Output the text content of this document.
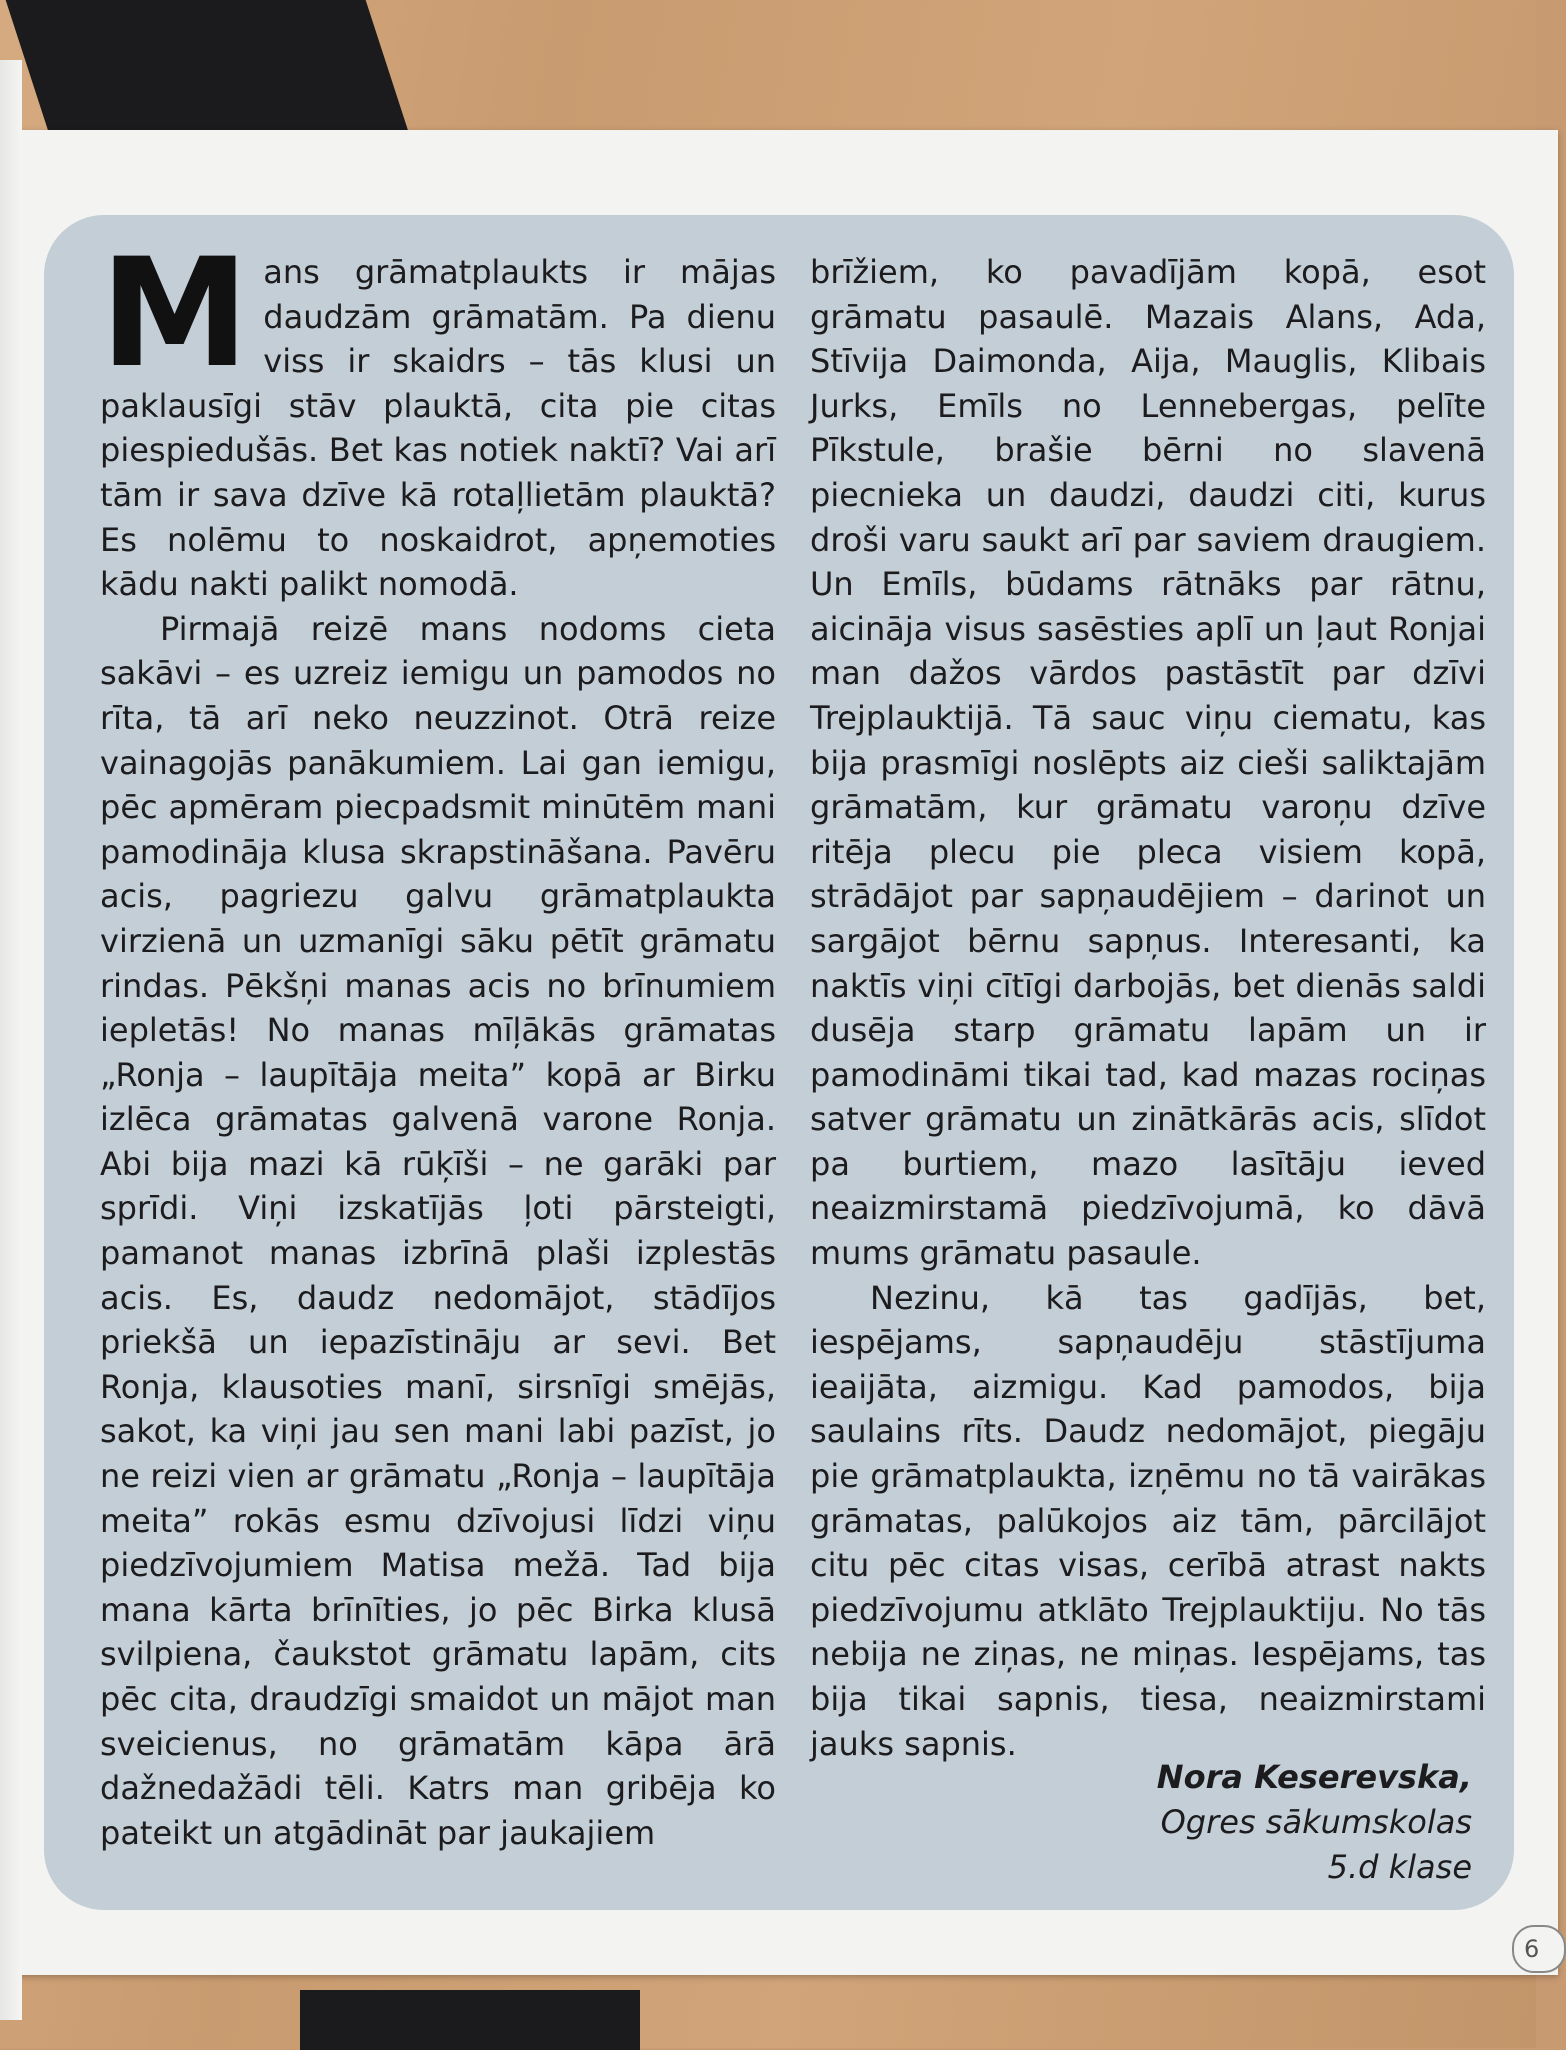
M ans grāmatplaukts ir mājas daudzām grāmatām. Pa dienu viss ir skaidrs – tās klusi un paklausīgi stāv plauktā, cita pie citas piespiedušās. Bet kas notiek naktī? Vai arī tām ir sava dzīve kā rotaļlietām plauktā? Es nolēmu to noskaidrot, apņemoties kādu nakti palikt nomodā.

Pirmajā reizē mans nodoms cieta sakāvi – es uzreiz iemigu un pamodos no rīta, tā arī neko neuzzinot. Otrā reize vainagojās panākumiem. Lai gan iemigu, pēc apmēram piecpadsmit minūtēm mani pamodināja klusa skrapstināšana. Pavēru acis, pagriezu galvu grāmatplaukta virzienā un uzmanīgi sāku pētīt grāmatu rindas. Pēkšņi manas acis no brīnumiem iepletās! No manas mīļākās grāmatas „Ronja – laupītāja meita” kopā ar Birku izlēca grāmatas galvenā varone Ronja. Abi bija mazi kā rūķīši – ne garāki par sprīdi. Viņi izskatījās ļoti pārsteigti, pamanot manas izbrīnā plaši izplestās acis. Es, daudz nedomājot, stādījos priekšā un iepazīstināju ar sevi. Bet Ronja, klausoties manī, sirsnīgi smējās, sakot, ka viņi jau sen mani labi pazīst, jo ne reizi vien ar grāmatu „Ronja – laupītāja meita” rokās esmu dzīvojusi līdzi viņu piedzīvojumiem Matisa mežā. Tad bija mana kārta brīnīties, jo pēc Birka klusā svilpiena, čaukstot grāmatu lapām, cits pēc cita, draudzīgi smaidot un mājot man sveicienus, no grāmatām kāpa ārā dažnedažādi tēli. Katrs man gribēja ko pateikt un atgādināt par jaukajiem

brīžiem, ko pavadījām kopā, esot grāmatu pasaulē. Mazais Alans, Ada, Stīvija Daimonda, Aija, Mauglis, Klibais Jurks, Emīls no Lennebergas, pelīte Pīkstule, brašie bērni no slavenā piecnieka un daudzi, daudzi citi, kurus droši varu saukt arī par saviem draugiem. Un Emīls, būdams rātnāks par rātnu, aicināja visus sasēsties aplī un ļaut Ronjai man dažos vārdos pastāstīt par dzīvi Trejplauktijā. Tā sauc viņu ciematu, kas bija prasmīgi noslēpts aiz cieši saliktajām grāmatām, kur grāmatu varoņu dzīve ritēja plecu pie pleca visiem kopā, strādājot par sapņaudējiem – darinot un sargājot bērnu sapņus. Interesanti, ka naktīs viņi cītīgi darbojās, bet dienās saldi dusēja starp grāmatu lapām un ir pamodināmi tikai tad, kad mazas rociņas satver grāmatu un zinātkārās acis, slīdot pa burtiem, mazo lasītāju ieved neaizmirstamā piedzīvojumā, ko dāvā mums grāmatu pasaule.

Nezinu, kā tas gadījās, bet, iespējams, sapņaudēju stāstījuma ieaijāta, aizmigu. Kad pamodos, bija saulains rīts. Daudz nedomājot, piegāju pie grāmatplaukta, izņēmu no tā vairākas grāmatas, palūkojos aiz tām, pārcilājot citu pēc citas visas, cerībā atrast nakts piedzīvojumu atklāto Trejplauktiju. No tās nebija ne ziņas, ne miņas. Iespējams, tas bija tikai sapnis, tiesa, neaizmirstami jauks sapnis.

Nora Keserevska,
Ogres sākumskolas
5.d klase
6
